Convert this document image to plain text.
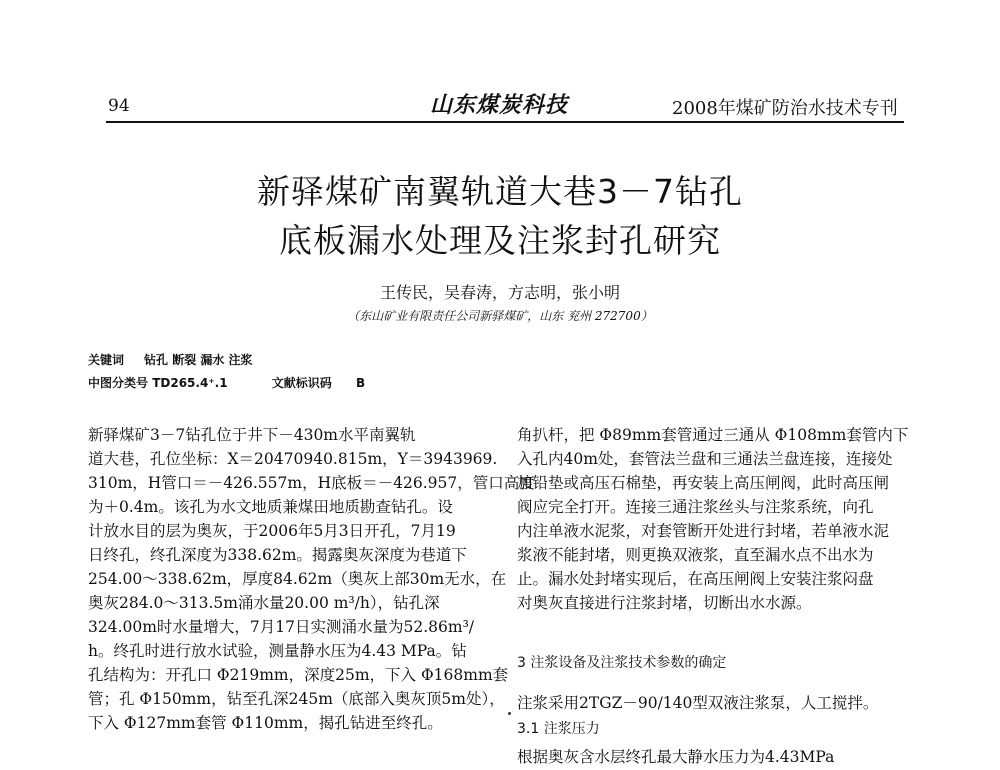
94	山东煤炭科技	2008年煤矿防治水技术专刊
新驿煤矿南翼轨道大巷3－7钻孔
底板漏水处理及注浆封孔研究
王传民，吴春涛，方志明，张小明
（东山矿业有限责任公司新驿煤矿，山东 兖州 272700）
关键词 钻孔 断裂 漏水 注浆
中图分类号 TD265.4⁺.1	文献标识码 B
新驿煤矿3－7钻孔位于井下－430m水平南翼轨
道大巷，孔位坐标：X＝20470940.815m，Y＝3943969.
310m，H管口＝－426.557m，H底板＝－426.957，管口高度
为＋0.4m。该孔为水文地质兼煤田地质勘查钻孔。设
计放水目的层为奥灰，于2006年5月3日开孔，7月19
日终孔，终孔深度为338.62m。揭露奥灰深度为巷道下
254.00～338.62m，厚度84.62m（奥灰上部30m无水，在
奥灰284.0～313.5m涌水量20.00 m³/h），钻孔深
324.00m时水量增大，7月17日实测涌水量为52.86m³/
h。终孔时进行放水试验，测量静水压为4.43 MPa。钻
孔结构为：开孔口 Φ219mm，深度25m，下入 Φ168mm套
管；孔 Φ150mm，钻至孔深245m（底部入奥灰顶5m处），
下入 Φ127mm套管 Φ110mm，揭孔钻进至终孔。
角扒杆，把 Φ89mm套管通过三通从 Φ108mm套管内下
入孔内40m处，套管法兰盘和三通法兰盘连接，连接处
加铅垫或高压石棉垫，再安装上高压闸阀，此时高压闸
阀应完全打开。连接三通注浆丝头与注浆系统，向孔
内注单液水泥浆，对套管断开处进行封堵，若单液水泥
浆液不能封堵，则更换双液浆，直至漏水点不出水为
止。漏水处封堵实现后，在高压闸阀上安装注浆闷盘
对奥灰直接进行注浆封堵，切断出水水源。
3 注浆设备及注浆技术参数的确定
注浆采用2TGZ－90/140型双液注浆泵，人工搅拌。
3.1 注浆压力
根据奥灰含水层终孔最大静水压力为4.43MPa
